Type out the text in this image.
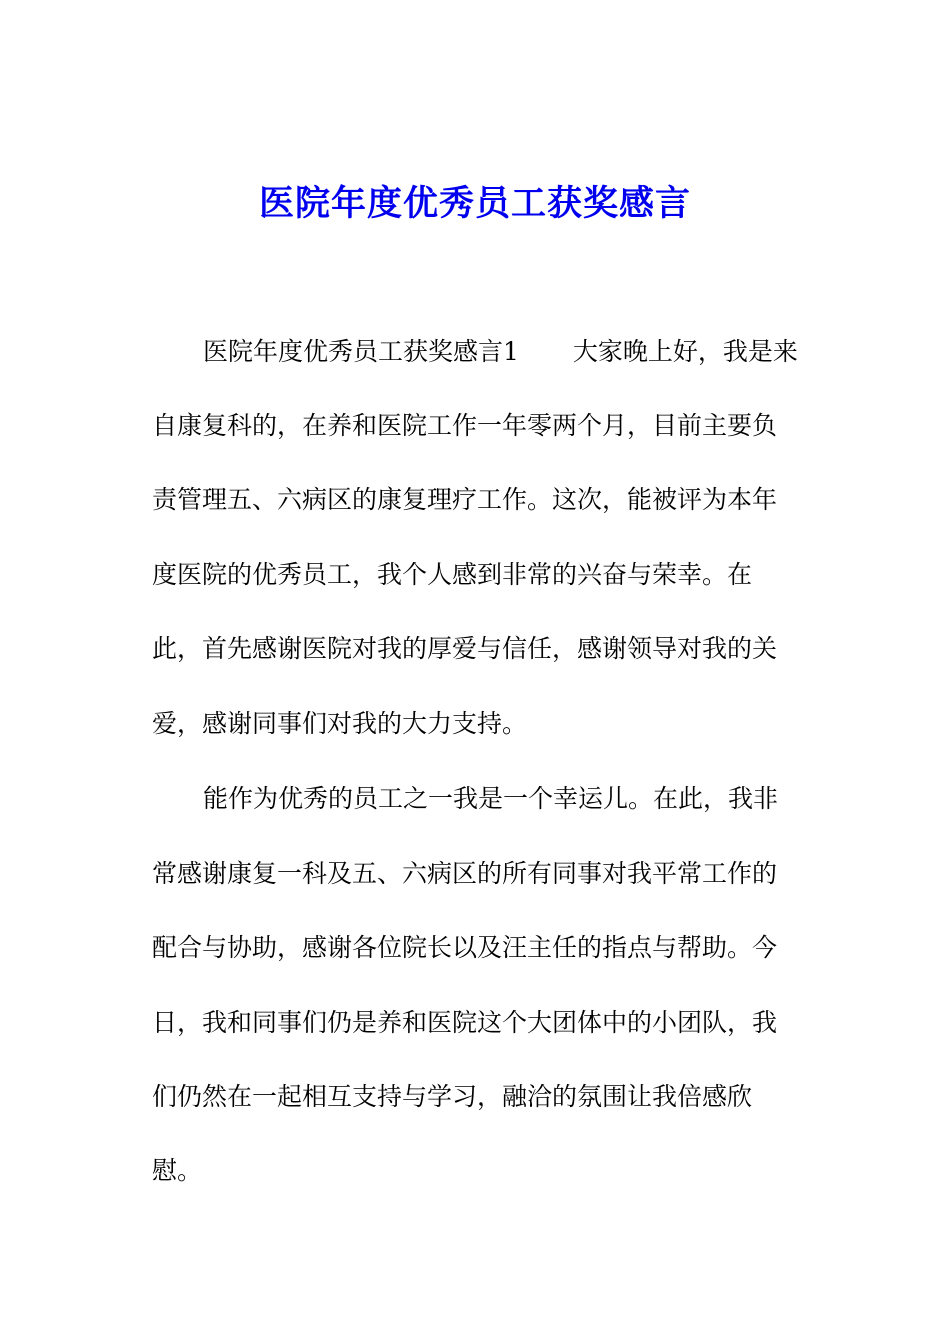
医院年度优秀员工获奖感言
医院年度优秀员工获奖感言1 大家晚上好，我是来
自康复科的，在养和医院工作一年零两个月，目前主要负
责管理五、六病区的康复理疗工作。这次，能被评为本年
度医院的优秀员工，我个人感到非常的兴奋与荣幸。在
此，首先感谢医院对我的厚爱与信任，感谢领导对我的关
爱，感谢同事们对我的大力支持。
能作为优秀的员工之一我是一个幸运儿。在此，我非
常感谢康复一科及五、六病区的所有同事对我平常工作的
配合与协助，感谢各位院长以及汪主任的指点与帮助。今
日，我和同事们仍是养和医院这个大团体中的小团队，我
们仍然在一起相互支持与学习，融洽的氛围让我倍感欣
慰。
